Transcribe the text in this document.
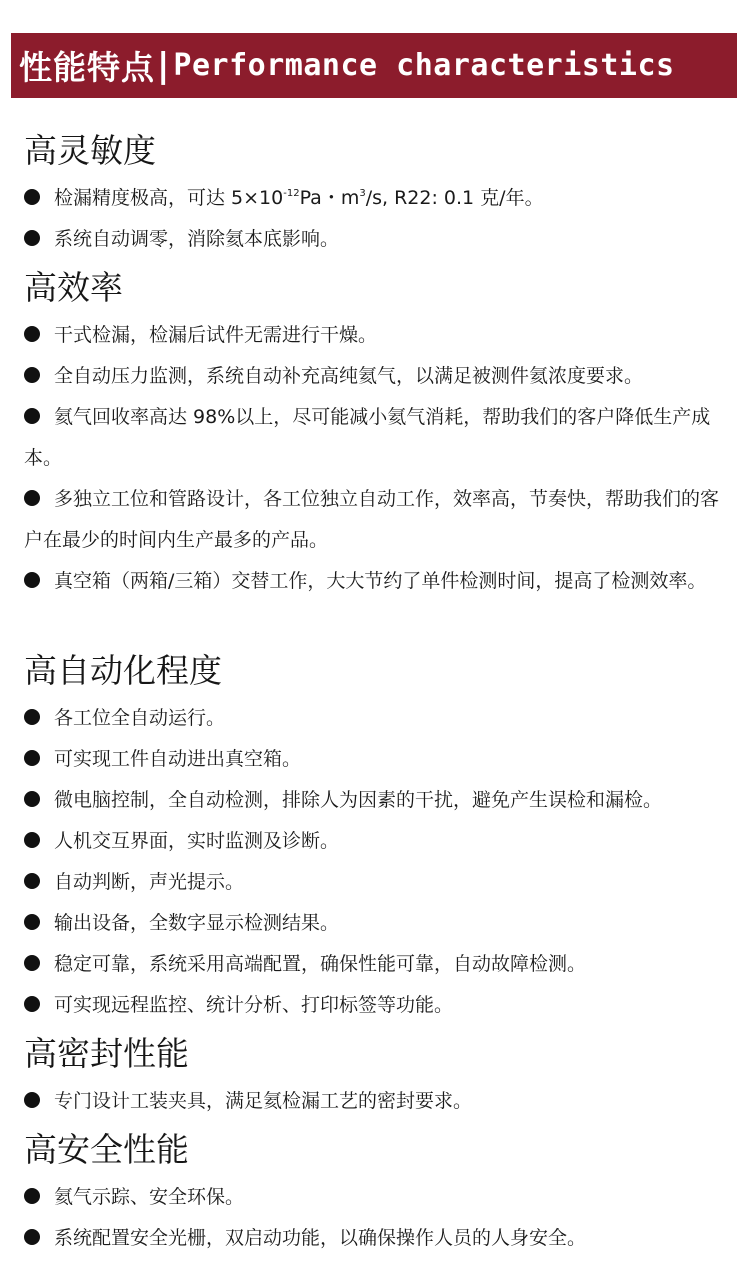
性能特点 | Performance characteristics
高灵敏度
检漏精度极高，可达 $5\times 10^{-12}Pa$・$m^3/s$, R22: 0.1 克/年。
系统自动调零，消除氦本底影响。
高效率
干式检漏，检漏后试件无需进行干燥。
全自动压力监测，系统自动补充高纯氦气，以满足被测件氦浓度要求。
氦气回收率高达 98%以上，尽可能减小氦气消耗，帮助我们的客户降低生产成本。
多独立工位和管路设计，各工位独立自动工作，效率高，节奏快，帮助我们的客户在最少的时间内生产最多的产品。
真空箱（两箱/三箱）交替工作，大大节约了单件检测时间，提高了检测效率。
高自动化程度
各工位全自动运行。
可实现工件自动进出真空箱。
微电脑控制，全自动检测，排除人为因素的干扰，避免产生误检和漏检。
人机交互界面，实时监测及诊断。
自动判断，声光提示。
输出设备，全数字显示检测结果。
稳定可靠，系统采用高端配置，确保性能可靠，自动故障检测。
可实现远程监控、统计分析、打印标签等功能。
高密封性能
专门设计工装夹具，满足氦检漏工艺的密封要求。
高安全性能
氦气示踪、安全环保。
系统配置安全光栅，双启动功能，以确保操作人员的人身安全。
